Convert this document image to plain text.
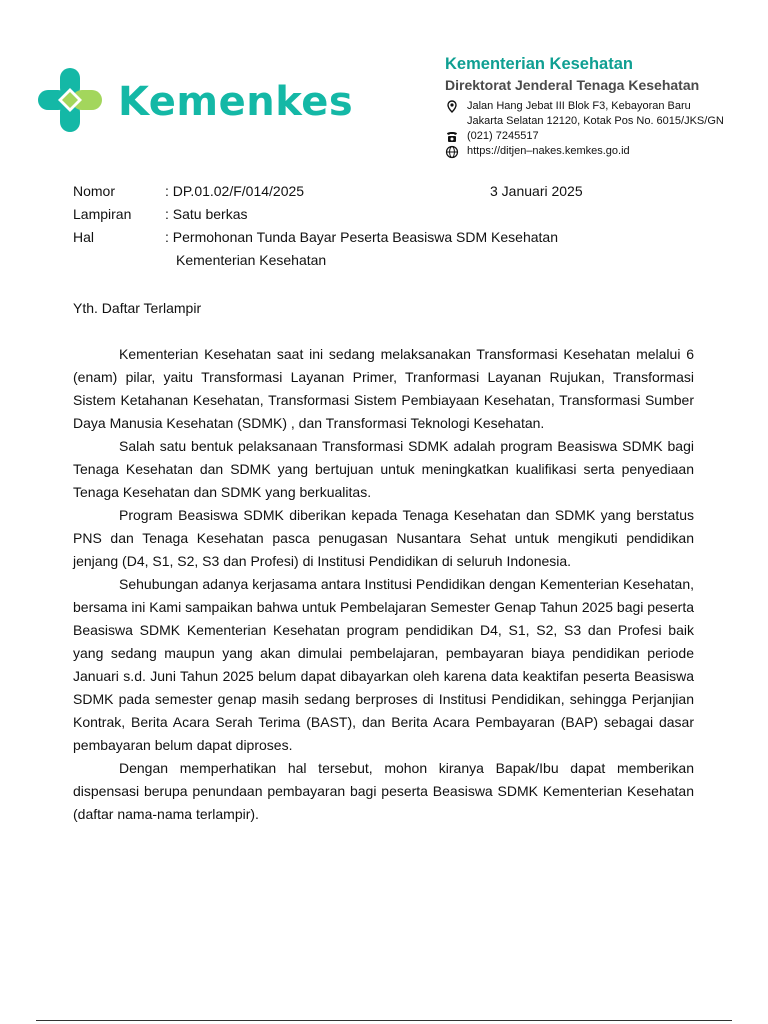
Kemenkes
Kementerian Kesehatan
Direktorat Jenderal Tenaga Kesehatan
Jalan Hang Jebat III Blok F3, Kebayoran Baru
Jakarta Selatan 12120, Kotak Pos No. 6015/JKS/GN
(021) 7245517
https://ditjen–nakes.kemkes.go.id
Nomor	: DP.01.02/F/014/2025	3 Januari 2025
Lampiran : Satu berkas
Hal	: Permohonan Tunda Bayar Peserta Beasiswa SDM Kesehatan
Kementerian Kesehatan
Yth. Daftar Terlampir

Kementerian Kesehatan saat ini sedang melaksanakan Transformasi Kesehatan melalui 6 (enam) pilar, yaitu Transformasi Layanan Primer, Tranformasi Layanan Rujukan, Transformasi Sistem Ketahanan Kesehatan, Transformasi Sistem Pembiayaan Kesehatan, Transformasi Sumber Daya Manusia Kesehatan (SDMK) , dan Transformasi Teknologi Kesehatan.

Salah satu bentuk pelaksanaan Transformasi SDMK adalah program Beasiswa SDMK bagi Tenaga Kesehatan dan SDMK yang bertujuan untuk meningkatkan kualifikasi serta penyediaan Tenaga Kesehatan dan SDMK yang berkualitas.

Program Beasiswa SDMK diberikan kepada Tenaga Kesehatan dan SDMK yang berstatus PNS dan Tenaga Kesehatan pasca penugasan Nusantara Sehat untuk mengikuti pendidikan jenjang (D4, S1, S2, S3 dan Profesi) di Institusi Pendidikan di seluruh Indonesia.

Sehubungan adanya kerjasama antara Institusi Pendidikan dengan Kementerian Kesehatan, bersama ini Kami sampaikan bahwa untuk Pembelajaran Semester Genap Tahun 2025 bagi peserta Beasiswa SDMK Kementerian Kesehatan program pendidikan D4, S1, S2, S3 dan Profesi baik yang sedang maupun yang akan dimulai pembelajaran, pembayaran biaya pendidikan periode Januari s.d. Juni Tahun 2025 belum dapat dibayarkan oleh karena data keaktifan peserta Beasiswa SDMK pada semester genap masih sedang berproses di Institusi Pendidikan, sehingga Perjanjian Kontrak, Berita Acara Serah Terima (BAST), dan Berita Acara Pembayaran (BAP) sebagai dasar pembayaran belum dapat diproses.

Dengan memperhatikan hal tersebut, mohon kiranya Bapak/Ibu dapat memberikan dispensasi berupa penundaan pembayaran bagi peserta Beasiswa SDMK Kementerian Kesehatan (daftar nama-nama terlampir).
